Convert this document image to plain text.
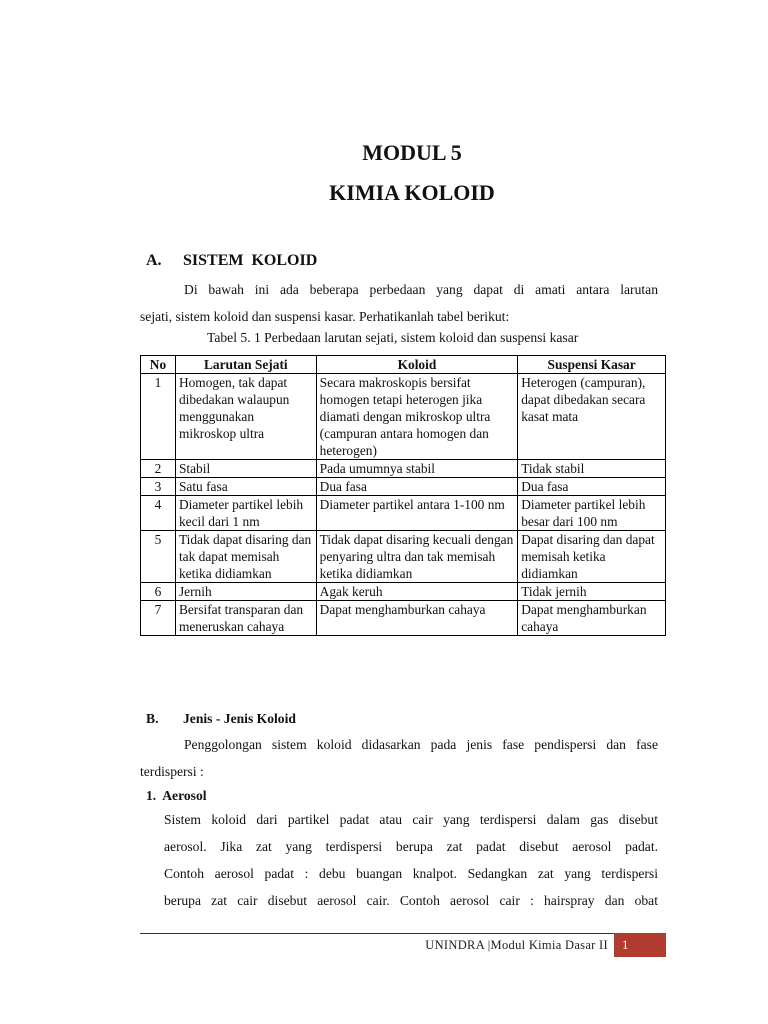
MODUL 5
KIMIA KOLOID
A. SISTEM  KOLOID
Di bawah ini ada beberapa perbedaan yang dapat di amati antara larutan
sejati, sistem koloid dan suspensi kasar. Perhatikanlah tabel berikut:
Tabel 5. 1 Perbedaan larutan sejati, sistem koloid dan suspensi kasar
No	Larutan Sejati	Koloid	Suspensi Kasar
1	Homogen, tak dapat dibedakan walaupun menggunakan mikroskop ultra	Secara makroskopis bersifat homogen tetapi heterogen jika diamati dengan mikroskop ultra (campuran antara homogen dan heterogen)	Heterogen (campuran), dapat dibedakan secara kasat mata
2	Stabil	Pada umumnya stabil	Tidak stabil
3	Satu fasa	Dua fasa	Dua fasa
4	Diameter partikel lebih kecil dari 1 nm	Diameter partikel antara 1-100 nm	Diameter partikel lebih besar dari 100 nm
5	Tidak dapat disaring dan tak dapat memisah ketika didiamkan	Tidak dapat disaring kecuali dengan penyaring ultra dan tak memisah ketika didiamkan	Dapat disaring dan dapat memisah ketika didiamkan
6	Jernih	Agak keruh	Tidak jernih
7	Bersifat transparan dan meneruskan cahaya	Dapat menghamburkan cahaya	Dapat menghamburkan cahaya
B. Jenis - Jenis Koloid
Penggolongan sistem koloid didasarkan pada jenis fase pendispersi dan fase
terdispersi :
1.  Aerosol
Sistem koloid dari partikel padat atau cair yang terdispersi dalam gas disebut
aerosol. Jika zat yang terdispersi berupa zat padat disebut aerosol padat.
Contoh aerosol padat : debu buangan knalpot. Sedangkan zat yang terdispersi
berupa zat cair disebut aerosol cair. Contoh aerosol cair : hairspray dan obat
UNINDRA |Modul Kimia Dasar II	1
